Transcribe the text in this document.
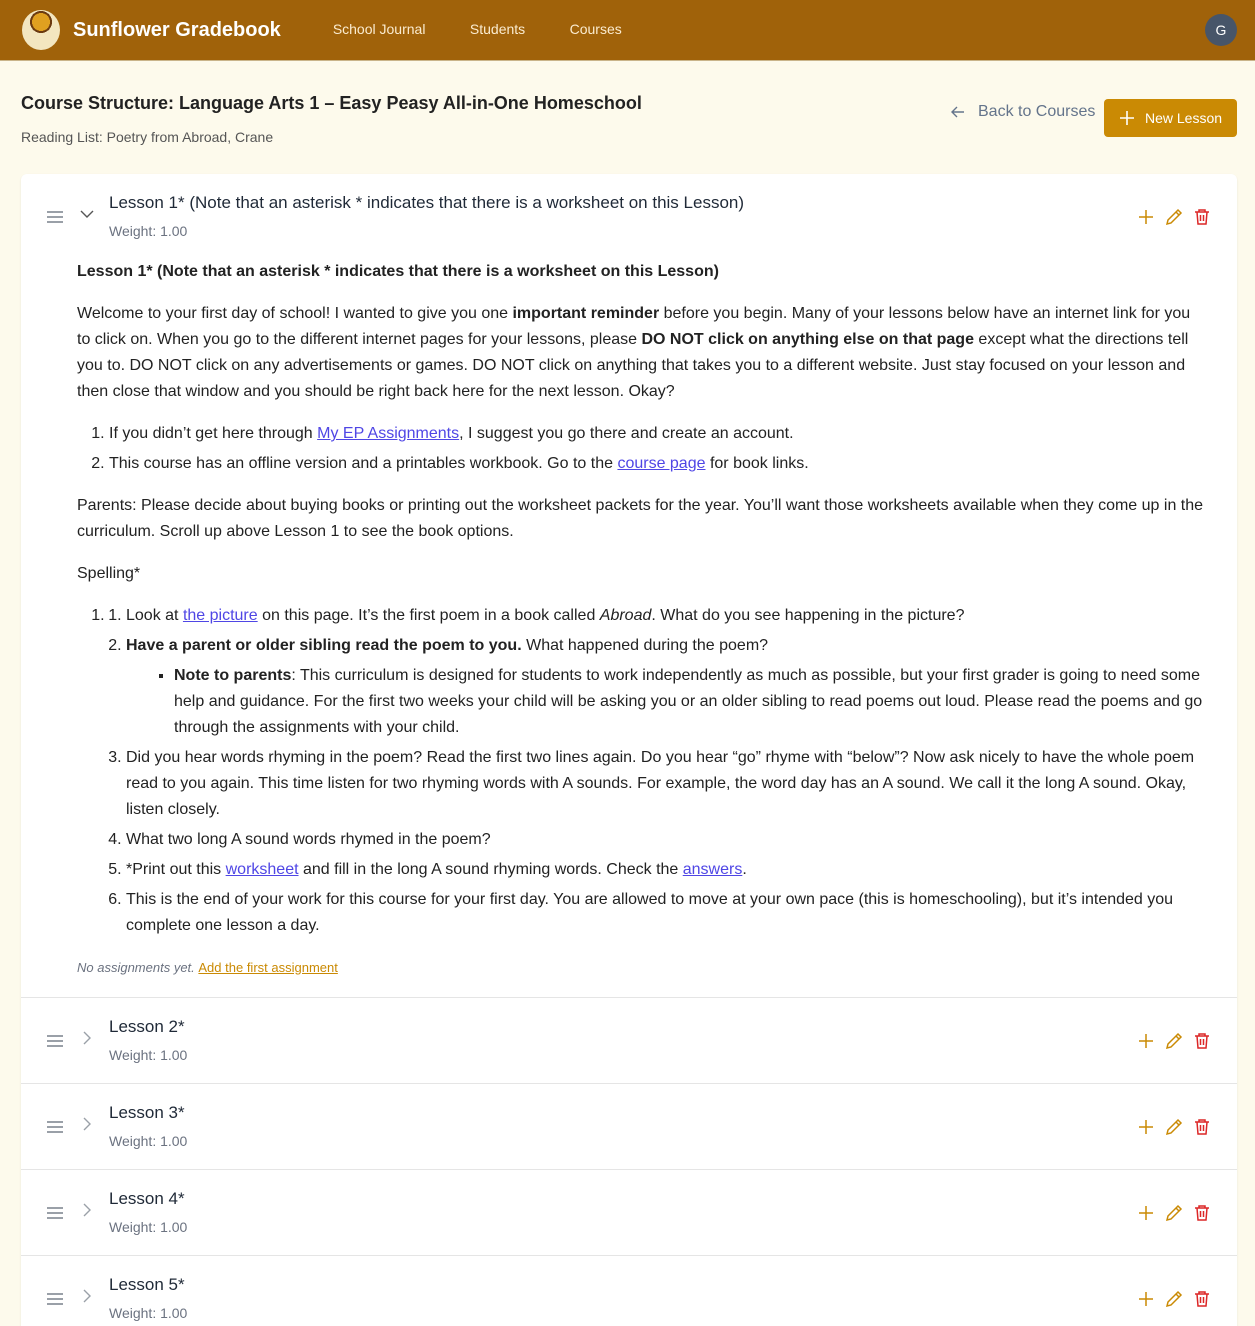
Sunflower Gradebook	School Journal	Students	Courses	G
Course Structure: Language Arts 1 – Easy Peasy All-in-One Homeschool
Reading List: Poetry from Abroad, Crane
Back to Courses	New Lesson
Lesson 1* (Note that an asterisk * indicates that there is a worksheet on this Lesson)
Weight: 1.00

Lesson 1* (Note that an asterisk * indicates that there is a worksheet on this Lesson)

Welcome to your first day of school! I wanted to give you one important reminder before you begin. Many of your lessons below have an internet link for you to click on. When you go to the different internet pages for your lessons, please DO NOT click on anything else on that page except what the directions tell you to. DO NOT click on any advertisements or games. DO NOT click on anything that takes you to a different website. Just stay focused on your lesson and then close that window and you should be right back here for the next lesson. Okay?

1. If you didn’t get here through My EP Assignments, I suggest you go there and create an account.
2. This course has an offline version and a printables workbook. Go to the course page for book links.

Parents: Please decide about buying books or printing out the worksheet packets for the year. You’ll want those worksheets available when they come up in the curriculum. Scroll up above Lesson 1 to see the book options.

Spelling*

1. 1. Look at the picture on this page. It’s the first poem in a book called Abroad. What do you see happening in the picture?
2. Have a parent or older sibling read the poem to you. What happened during the poem?
▪ Note to parents: This curriculum is designed for students to work independently as much as possible, but your first grader is going to need some help and guidance. For the first two weeks your child will be asking you or an older sibling to read poems out loud. Please read the poems and go through the assignments with your child.
3. Did you hear words rhyming in the poem? Read the first two lines again. Do you hear “go” rhyme with “below”? Now ask nicely to have the whole poem read to you again. This time listen for two rhyming words with A sounds. For example, the word day has an A sound. We call it the long A sound. Okay, listen closely.
4. What two long A sound words rhymed in the poem?
5. *Print out this worksheet and fill in the long A sound rhyming words. Check the answers.
6. This is the end of your work for this course for your first day. You are allowed to move at your own pace (this is homeschooling), but it’s intended you complete one lesson a day.
No assignments yet. Add the first assignment
Lesson 2*
Weight: 1.00
Lesson 3*
Weight: 1.00
Lesson 4*
Weight: 1.00
Lesson 5*
Weight: 1.00
